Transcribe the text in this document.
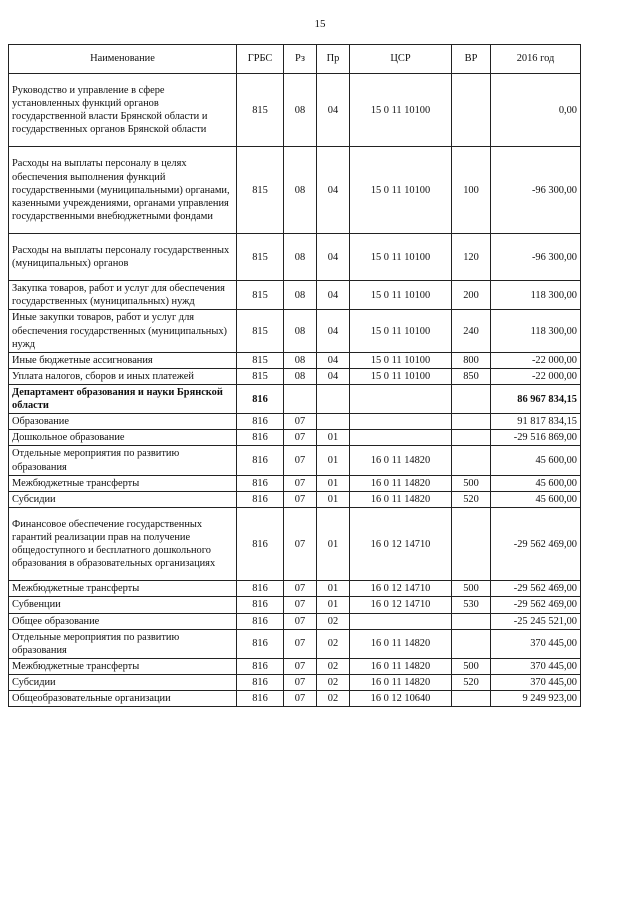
15
Наименование	ГРБС	Рз	Пр	ЦСР	ВР	2016 год
Руководство и управление в сфере установленных функций органов государственной власти Брянской области и государственных органов Брянской области	815	08	04	15 0 11 10100		0,00
Расходы на выплаты персоналу в целях обеспечения выполнения функций государственными (муниципальными) органами, казенными учреждениями, органами управления государственными внебюджетными фондами	815	08	04	15 0 11 10100	100	-96 300,00
Расходы на выплаты персоналу государственных (муниципальных) органов	815	08	04	15 0 11 10100	120	-96 300,00
Закупка товаров, работ и услуг для обеспечения государственных (муниципальных) нужд	815	08	04	15 0 11 10100	200	118 300,00
Иные закупки товаров, работ и услуг для обеспечения государственных (муниципальных) нужд	815	08	04	15 0 11 10100	240	118 300,00
Иные бюджетные ассигнования	815	08	04	15 0 11 10100	800	-22 000,00
Уплата налогов, сборов и иных платежей	815	08	04	15 0 11 10100	850	-22 000,00
Департамент образования и науки Брянской области	816					86 967 834,15
Образование	816	07				91 817 834,15
Дошкольное образование	816	07	01			-29 516 869,00
Отдельные мероприятия по развитию образования	816	07	01	16 0 11 14820		45 600,00
Межбюджетные трансферты	816	07	01	16 0 11 14820	500	45 600,00
Субсидии	816	07	01	16 0 11 14820	520	45 600,00
Финансовое обеспечение государственных гарантий реализации прав на получение общедоступного и бесплатного дошкольного образования в образовательных организациях	816	07	01	16 0 12 14710		-29 562 469,00
Межбюджетные трансферты	816	07	01	16 0 12 14710	500	-29 562 469,00
Субвенции	816	07	01	16 0 12 14710	530	-29 562 469,00
Общее образование	816	07	02			-25 245 521,00
Отдельные мероприятия по развитию образования	816	07	02	16 0 11 14820		370 445,00
Межбюджетные трансферты	816	07	02	16 0 11 14820	500	370 445,00
Субсидии	816	07	02	16 0 11 14820	520	370 445,00
Общеобразовательные организации	816	07	02	16 0 12 10640		9 249 923,00
